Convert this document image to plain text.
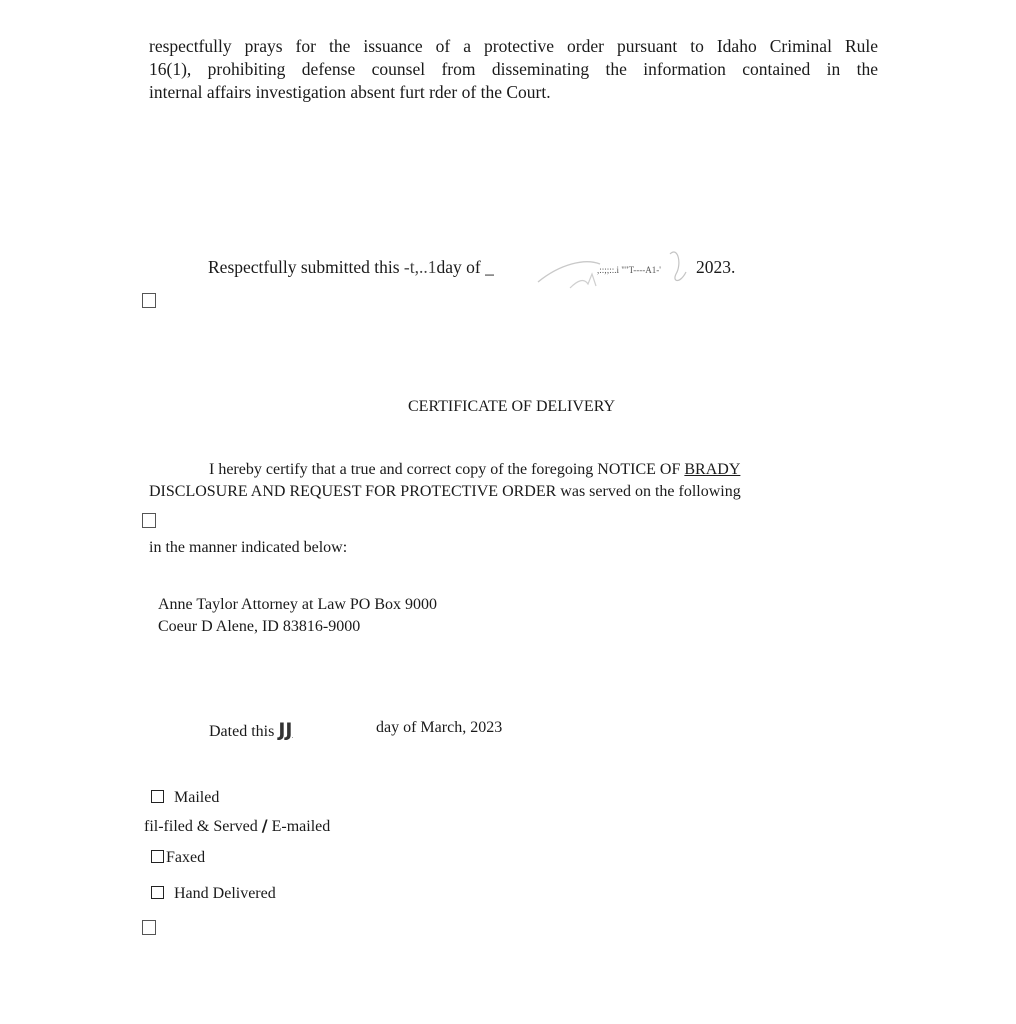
respectfully prays for the issuance of a protective order pursuant to Idaho Criminal Rule
16(1), prohibiting defense counsel from disseminating the information contained in the
internal affairs investigation absent furt rder of the Court.
Respectfully submitted this -t,..1day of _	,::;;::.i ""T----A1-' 2023.
CERTIFICATE OF DELIVERY
I hereby certify that a true and correct copy of the foregoing NOTICE OF BRADY
DISCLOSURE AND REQUEST FOR PROTECTIVE ORDER was served on the following
in the manner indicated below:
Anne Taylor Attorney at Law PO Box 9000
Coeur D Alene, ID 83816-9000
Dated this JJ	day of March, 2023
Mailed
fil-filed & Served / E-mailed
Faxed
Hand Delivered
